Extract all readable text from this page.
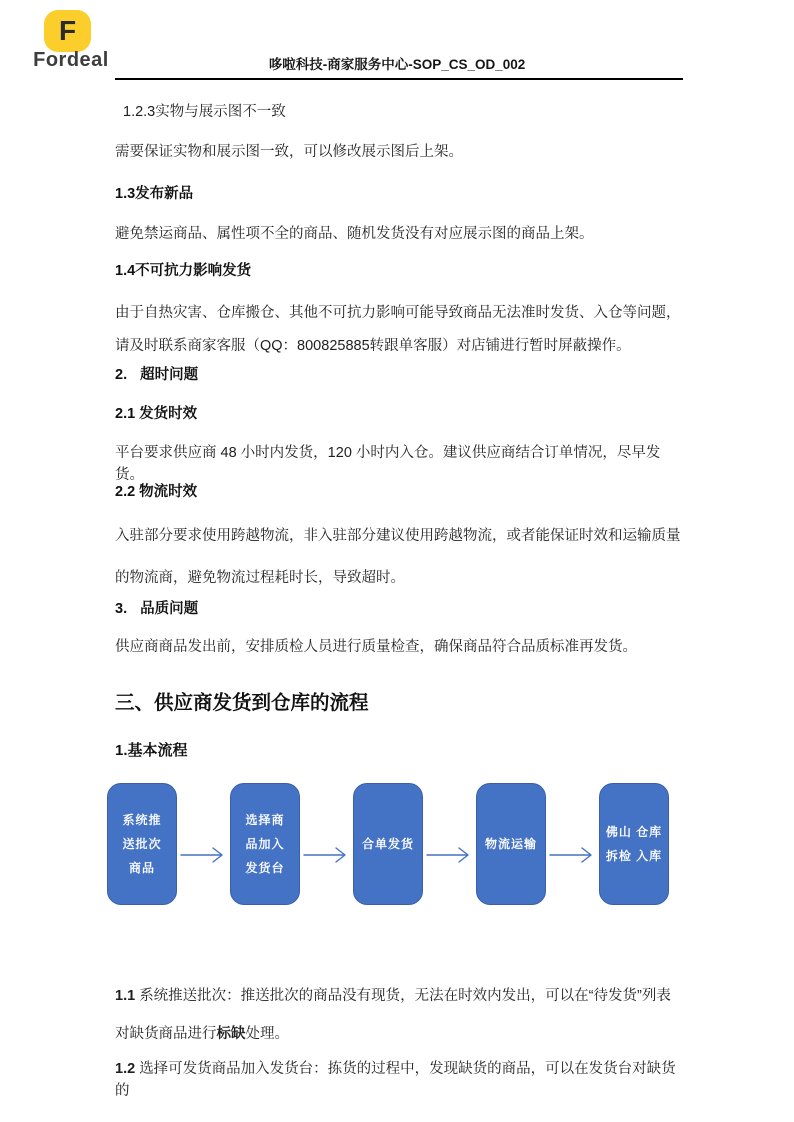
F
Fordeal	哆啦科技-商家服务中心-SOP_CS_OD_002
1.2.3实物与展示图不一致
需要保证实物和展示图一致，可以修改展示图后上架。
1.3发布新品
避免禁运商品、属性项不全的商品、随机发货没有对应展示图的商品上架。
1.4不可抗力影响发货
由于自热灾害、仓库搬仓、其他不可抗力影响可能导致商品无法准时发货、入仓等问题，请及时联系商家客服（QQ：800825885转跟单客服）对店铺进行暂时屏蔽操作。
2. 超时问题
2.1 发货时效
平台要求供应商 48 小时内发货，120 小时内入仓。建议供应商结合订单情况，尽早发货。
2.2 物流时效
入驻部分要求使用跨越物流，非入驻部分建议使用跨越物流，或者能保证时效和运输质量的物流商，避免物流过程耗时长，导致超时。
3. 品质问题
供应商商品发出前，安排质检人员进行质量检查，确保商品符合品质标准再发货。
三、供应商发货到仓库的流程
1.基本流程
系统推
送批次
商品
选择商
品加入
发货台
合单发货	物流运输
佛山 仓库
拆检 入库
1.1 系统推送批次：推送批次的商品没有现货，无法在时效内发出，可以在“待发货”列表对缺货商品进行标缺处理。
1.2 选择可发货商品加入发货台：拣货的过程中，发现缺货的商品，可以在发货台对缺货的
